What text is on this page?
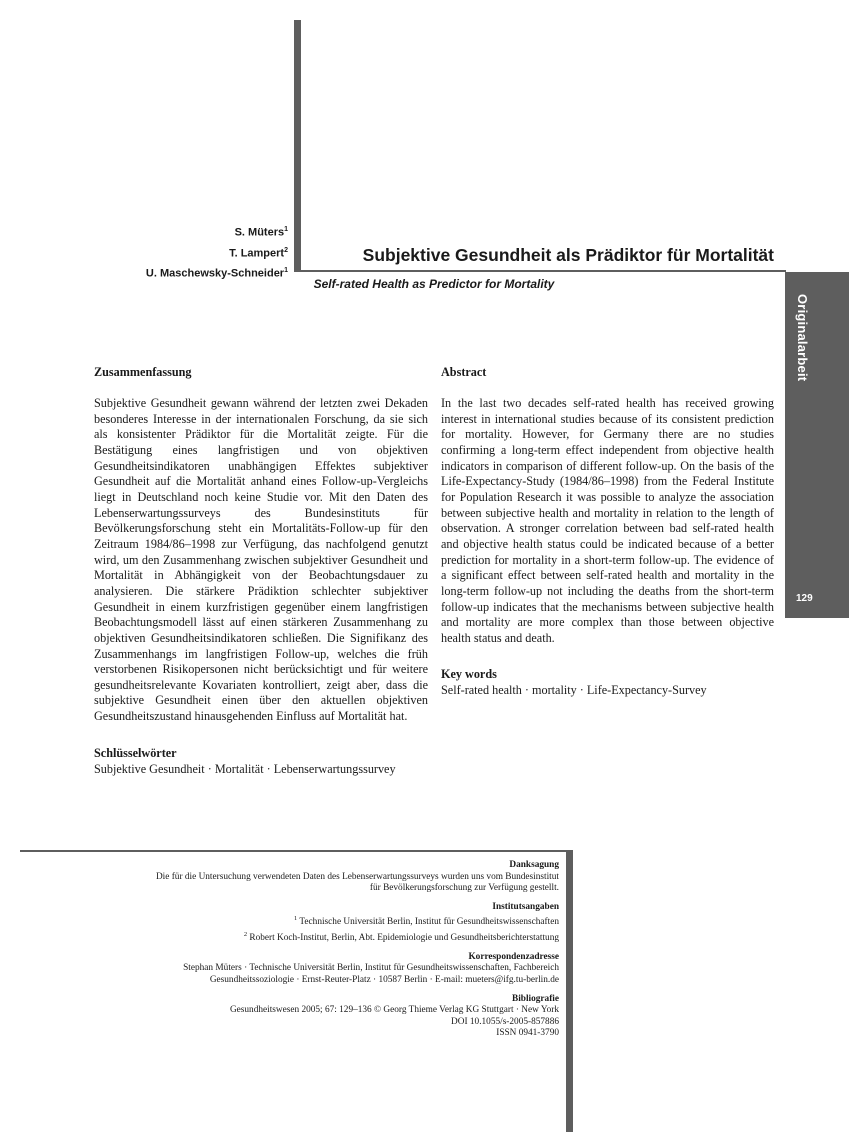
S. Müters$^1$
T. Lampert$^2$
U. Maschewsky-Schneider$^1$
Subjektive Gesundheit als Prädiktor für Mortalität
Self-rated Health as Predictor for Mortality
Originalarbeit
129
Zusammenfassung
Subjektive Gesundheit gewann während der letzten zwei Dekaden besonderes Interesse in der internationalen Forschung, da sie sich als konsistenter Prädiktor für die Mortalität zeigte. Für die Bestätigung eines langfristigen und von objektiven Gesundheitsindikatoren unabhängigen Effektes subjektiver Gesundheit auf die Mortalität anhand eines Follow-up-Vergleichs liegt in Deutschland noch keine Studie vor. Mit den Daten des Lebenserwartungssurveys des Bundesinstituts für Bevölkerungsforschung steht ein Mortalitäts-Follow-up für den Zeitraum 1984/86–1998 zur Verfügung, das nachfolgend genutzt wird, um den Zusammenhang zwischen subjektiver Gesundheit und Mortalität in Abhängigkeit von der Beobachtungsdauer zu analysieren. Die stärkere Prädiktion schlechter subjektiver Gesundheit in einem kurzfristigen gegenüber einem langfristigen Beobachtungsmodell lässt auf einen stärkeren Zusammenhang zu objektiven Gesundheitsindikatoren schließen. Die Signifikanz des Zusammenhangs im langfristigen Follow-up, welches die früh verstorbenen Risikopersonen nicht berücksichtigt und für weitere gesundheitsrelevante Kovariaten kontrolliert, zeigt aber, dass die subjektive Gesundheit einen über den aktuellen objektiven Gesundheitszustand hinausgehenden Einfluss auf Mortalität hat.
Schlüsselwörter
Subjektive Gesundheit · Mortalität · Lebenserwartungssurvey
Abstract
In the last two decades self-rated health has received growing interest in international studies because of its consistent prediction for mortality. However, for Germany there are no studies confirming a long-term effect independent from objective health indicators in comparison of different follow-up. On the basis of the Life-Expectancy-Study (1984/86–1998) from the Federal Institute for Population Research it was possible to analyze the association between subjective health and mortality in relation to the length of observation. A stronger correlation between bad self-rated health and objective health status could be indicated because of a better prediction for mortality in a short-term follow-up. The evidence of a significant effect between self-rated health and mortality in the long-term follow-up not including the deaths from the short-term follow-up indicates that the mechanisms between subjective health and mortality are more complex than those between objective health status and death.
Key words
Self-rated health · mortality · Life-Expectancy-Survey
Danksagung
Die für die Untersuchung verwendeten Daten des Lebenserwartungssurveys wurden uns vom Bundesinstitut
für Bevölkerungsforschung zur Verfügung gestellt.
Institutsangaben
$^1$ Technische Universität Berlin, Institut für Gesundheitswissenschaften
$^2$ Robert Koch-Institut, Berlin, Abt. Epidemiologie und Gesundheitsberichterstattung
Korrespondenzadresse
Stephan Müters · Technische Universität Berlin, Institut für Gesundheitswissenschaften, Fachbereich
Gesundheitssoziologie · Ernst-Reuter-Platz · 10587 Berlin · E-mail: mueters@ifg.tu-berlin.de
Bibliografie
Gesundheitswesen 2005; 67: 129–136 © Georg Thieme Verlag KG Stuttgart · New York
DOI 10.1055/s-2005-857886
ISSN 0941-3790
